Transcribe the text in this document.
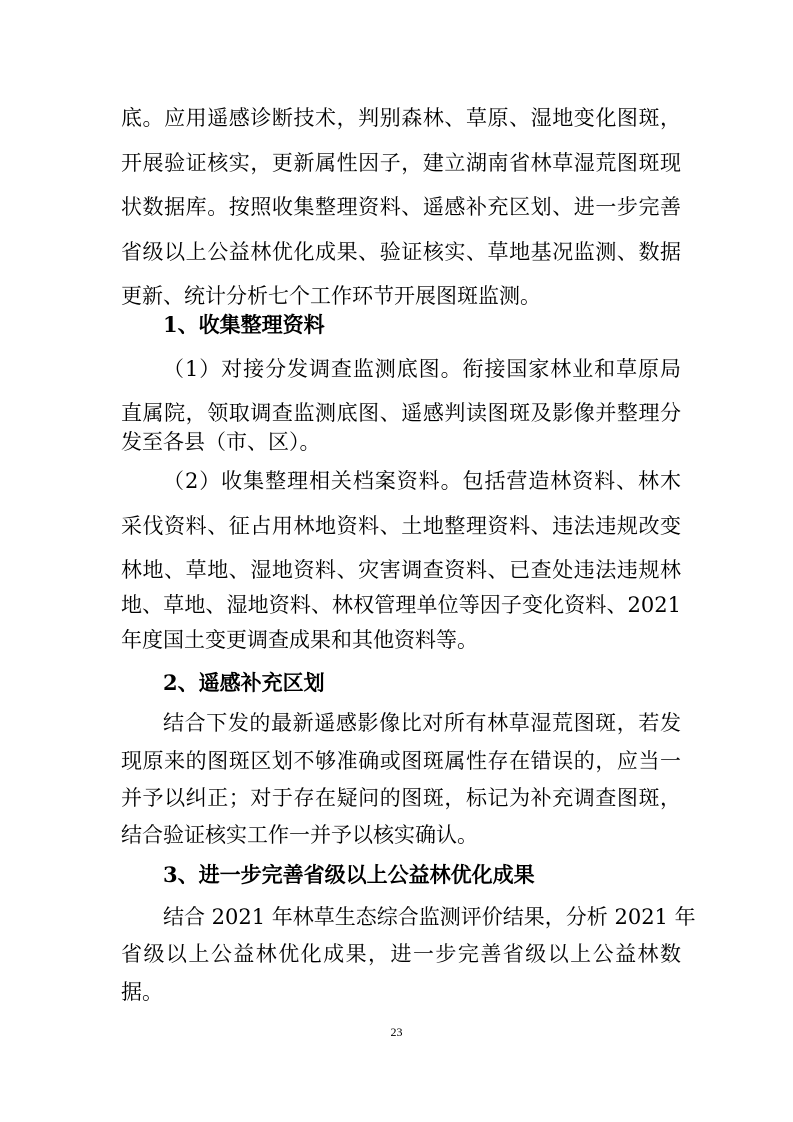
底。应用遥感诊断技术，判别森林、草原、湿地变化图斑，
开展验证核实，更新属性因子，建立湖南省林草湿荒图斑现
状数据库。按照收集整理资料、遥感补充区划、进一步完善
省级以上公益林优化成果、验证核实、草地基况监测、数据
更新、统计分析七个工作环节开展图斑监测。
1、收集整理资料
（1）对接分发调查监测底图。衔接国家林业和草原局
直属院，领取调查监测底图、遥感判读图斑及影像并整理分
发至各县（市、区）。
（2）收集整理相关档案资料。包括营造林资料、林木
采伐资料、征占用林地资料、土地整理资料、违法违规改变
林地、草地、湿地资料、灾害调查资料、已查处违法违规林
地、草地、湿地资料、林权管理单位等因子变化资料、2021
年度国土变更调查成果和其他资料等。
2、遥感补充区划
结合下发的最新遥感影像比对所有林草湿荒图斑，若发
现原来的图斑区划不够准确或图斑属性存在错误的，应当一
并予以纠正；对于存在疑问的图斑，标记为补充调查图斑，
结合验证核实工作一并予以核实确认。
3、进一步完善省级以上公益林优化成果
结合 2021 年林草生态综合监测评价结果，分析 2021 年
省级以上公益林优化成果，进一步完善省级以上公益林数
据。
23
